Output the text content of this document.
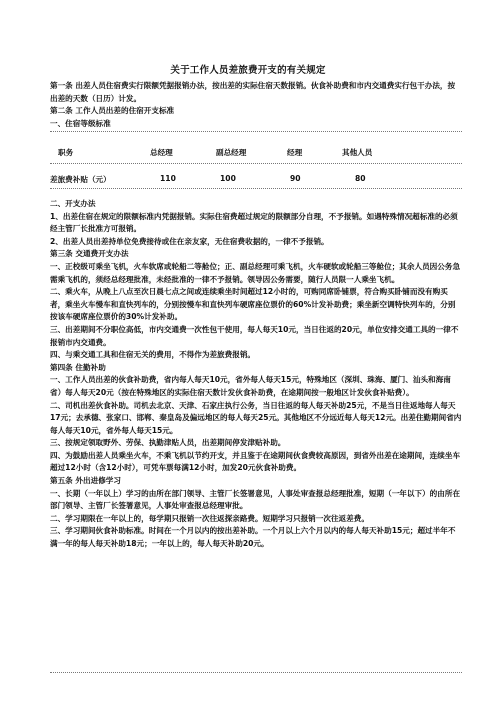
关于工作人员差旅费开支的有关规定

第一条 出差人员住宿费实行限额凭据报销办法，按出差的实际住宿天数报销。伙食补助费和市内交通费实行包干办法，按出差的天数（日历）计发。

第二条 工作人员出差的住宿开支标准

一、住宿等级标准

职务	总经理	副总经理	经理	其他人员
差旅费补贴（元）	110	100	90	80

二、开支办法

1、出差住宿在规定的限额标准内凭据报销。实际住宿费超过规定的限额部分自理，不予报销。如遇特殊情况超标准的必须经主管厂长批准方可报销。

2、出差人员出差持单位免费接待或住在亲友家，无住宿费收据的，一律不予报销。

第三条 交通费开支办法

一、正校级可乘坐飞机，火车软席或轮船二等舱位；正、副总经理可乘飞机，火车硬软或轮船三等舱位；其余人员因公务急需乘飞机的，须经总经理批准，未经批准的一律不予报销。领导因公务需要，随行人员限一人乘坐飞机。

二、乘火车，从晚上八点至次日晨七点之间或连续乘坐时间超过12小时的，可购同席卧铺票，符合购买卧铺而没有购买者，乘坐火车慢车和直快列车的，分别按慢车和直快列车硬席座位票价的60%计发补助费；乘坐新空调特快列车的，分别按该车硬席座位票价的30%计发补助。

三、出差期间不分职位高低，市内交通费一次性包干使用，每人每天10元，当日往返的20元，单位安排交通工具的一律不报销市内交通费。

四、与乘交通工具和住宿无关的费用，不得作为差旅费报销。

第四条 住勤补助

一、工作人员出差的伙食补助费，省内每人每天10元，省外每人每天15元，特殊地区（深圳、珠海、厦门、汕头和海南省）每人每天20元（按在特殊地区的实际住宿天数计发伙食补助费，在途期间按一般地区计发伙食补贴费）。

二、司机出差伙食补助。司机去北京、天津、石家庄执行公务，当日往返的每人每天补助25元，不是当日往返地每人每天17元；去承德、张家口、邯郸、秦皇岛及偏远地区的每人每天25元。其他地区不分远近每人每天12元。出差住勤期间省内每人每天10元，省外每人每天15元。

三、按规定领取野外、劳保、执勤津贴人员，出差期间停发津贴补助。

四、为鼓励出差人员乘坐火车，不乘飞机以节约开支，并且鉴于在途期间伙食费较高原因，到省外出差在途期间，连续坐车超过12小时（含12小时），可凭车票每满12小时，加发20元伙食补助费。

第五条 外出进修学习

一、长期（一年以上）学习的由所在部门领导、主管厂长签署意见，人事处审查报总经理批准，短期（一年以下）的由所在部门领导、主管厂长签署意见，人事处审查报总经理审批。

二、学习期限在一年以上的，每学期只报销一次往返探亲路费。短期学习只报销一次往返差费。

三、学习期间伙食补助标准。时间在一个月以内的按出差补助。一个月以上六个月以内的每人每天补助15元；超过半年不满一年的每人每天补助18元；一年以上的，每人每天补助20元。
